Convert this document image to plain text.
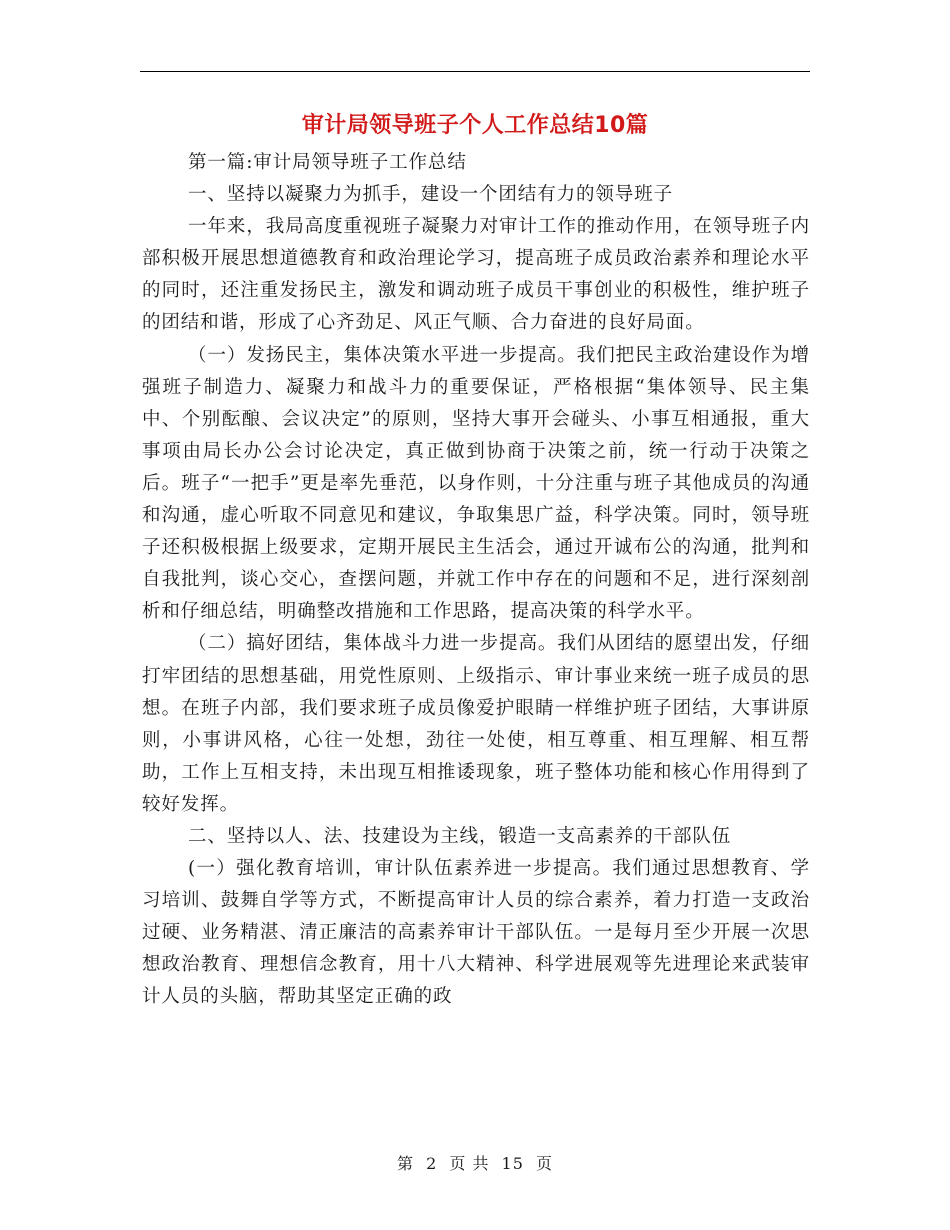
审计局领导班子个人工作总结10篇

第一篇:审计局领导班子工作总结

一、坚持以凝聚力为抓手，建设一个团结有力的领导班子

一年来，我局高度重视班子凝聚力对审计工作的推动作用，在领导班子内部积极开展思想道德教育和政治理论学习，提高班子成员政治素养和理论水平的同时，还注重发扬民主，激发和调动班子成员干事创业的积极性，维护班子的团结和谐，形成了心齐劲足、风正气顺、合力奋进的良好局面。

（一）发扬民主，集体决策水平进一步提高。我们把民主政治建设作为增强班子制造力、凝聚力和战斗力的重要保证，严格根据“集体领导、民主集中、个别酝酿、会议决定”的原则，坚持大事开会碰头、小事互相通报，重大事项由局长办公会讨论决定，真正做到协商于决策之前，统一行动于决策之后。班子“一把手”更是率先垂范，以身作则，十分注重与班子其他成员的沟通和沟通，虚心听取不同意见和建议，争取集思广益，科学决策。同时，领导班子还积极根据上级要求，定期开展民主生活会，通过开诚布公的沟通，批判和自我批判，谈心交心，查摆问题，并就工作中存在的问题和不足，进行深刻剖析和仔细总结，明确整改措施和工作思路，提高决策的科学水平。

（二）搞好团结，集体战斗力进一步提高。我们从团结的愿望出发，仔细打牢团结的思想基础，用党性原则、上级指示、审计事业来统一班子成员的思想。在班子内部，我们要求班子成员像爱护眼睛一样维护班子团结，大事讲原则，小事讲风格，心往一处想，劲往一处使，相互尊重、相互理解、相互帮助，工作上互相支持，未出现互相推诿现象，班子整体功能和核心作用得到了较好发挥。

二、坚持以人、法、技建设为主线，锻造一支高素养的干部队伍

(一）强化教育培训，审计队伍素养进一步提高。我们通过思想教育、学习培训、鼓舞自学等方式，不断提高审计人员的综合素养，着力打造一支政治过硬、业务精湛、清正廉洁的高素养审计干部队伍。一是每月至少开展一次思想政治教育、理想信念教育，用十八大精神、科学进展观等先进理论来武装审计人员的头脑，帮助其坚定正确的政

第 2 页 共 15 页
